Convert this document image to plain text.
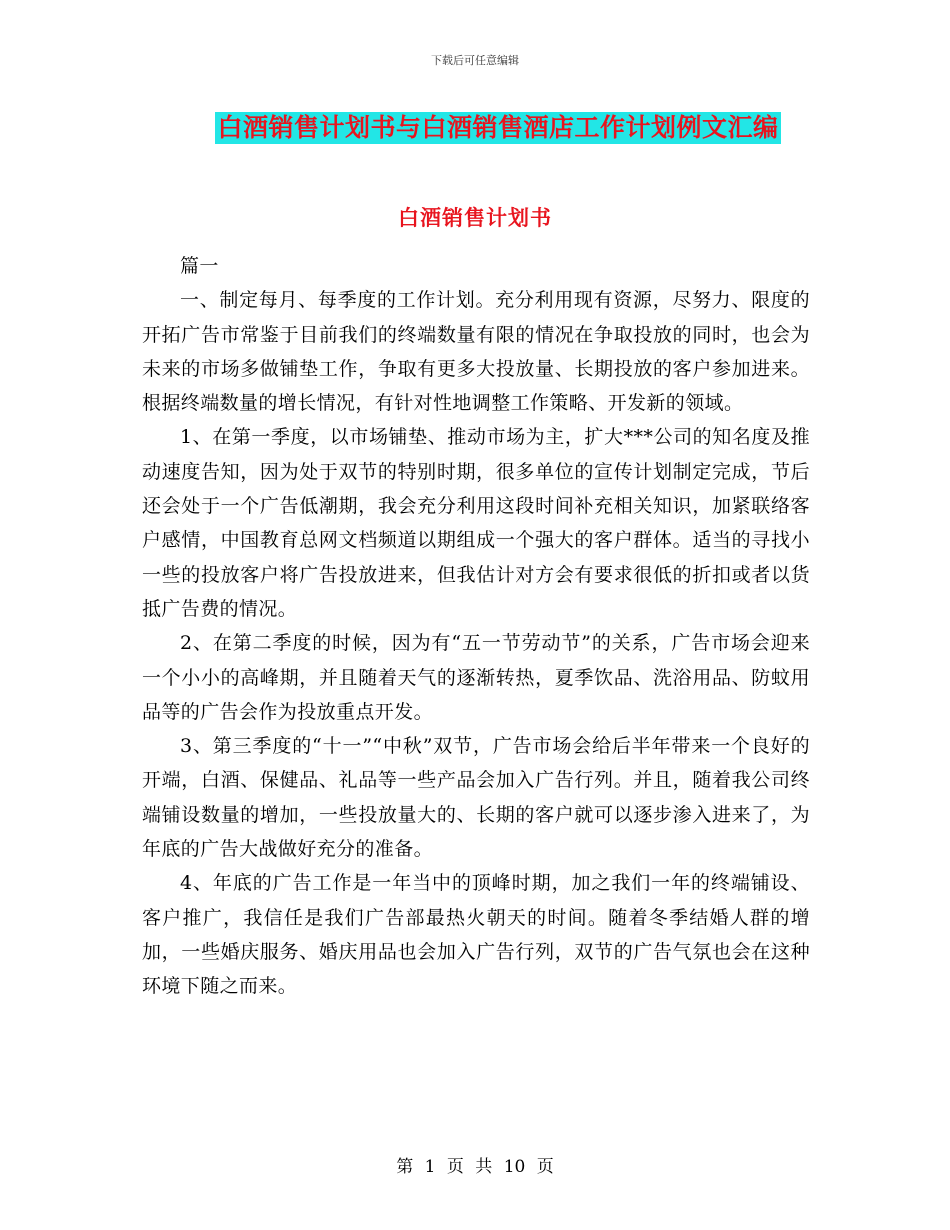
下载后可任意编辑
白酒销售计划书与白酒销售酒店工作计划例文汇编
白酒销售计划书

篇一

一、制定每月、每季度的工作计划。充分利用现有资源，尽努力、限度的开拓广告市常鉴于目前我们的终端数量有限的情况在争取投放的同时，也会为未来的市场多做铺垫工作，争取有更多大投放量、长期投放的客户参加进来。根据终端数量的增长情况，有针对性地调整工作策略、开发新的领域。

1、在第一季度，以市场铺垫、推动市场为主，扩大***公司的知名度及推动速度告知，因为处于双节的特别时期，很多单位的宣传计划制定完成，节后还会处于一个广告低潮期，我会充分利用这段时间补充相关知识，加紧联络客户感情，中国教育总网文档频道以期组成一个强大的客户群体。适当的寻找小一些的投放客户将广告投放进来，但我估计对方会有要求很低的折扣或者以货抵广告费的情况。

2、在第二季度的时候，因为有“五一节劳动节”的关系，广告市场会迎来一个小小的高峰期，并且随着天气的逐渐转热，夏季饮品、洗浴用品、防蚊用品等的广告会作为投放重点开发。

3、第三季度的“十一”“中秋”双节，广告市场会给后半年带来一个良好的开端，白酒、保健品、礼品等一些产品会加入广告行列。并且，随着我公司终端铺设数量的增加，一些投放量大的、长期的客户就可以逐步渗入进来了，为年底的广告大战做好充分的准备。

4、年底的广告工作是一年当中的顶峰时期，加之我们一年的终端铺设、客户推广，我信任是我们广告部最热火朝天的时间。随着冬季结婚人群的增加，一些婚庆服务、婚庆用品也会加入广告行列，双节的广告气氛也会在这种环境下随之而来。

第 1 页 共 10 页
